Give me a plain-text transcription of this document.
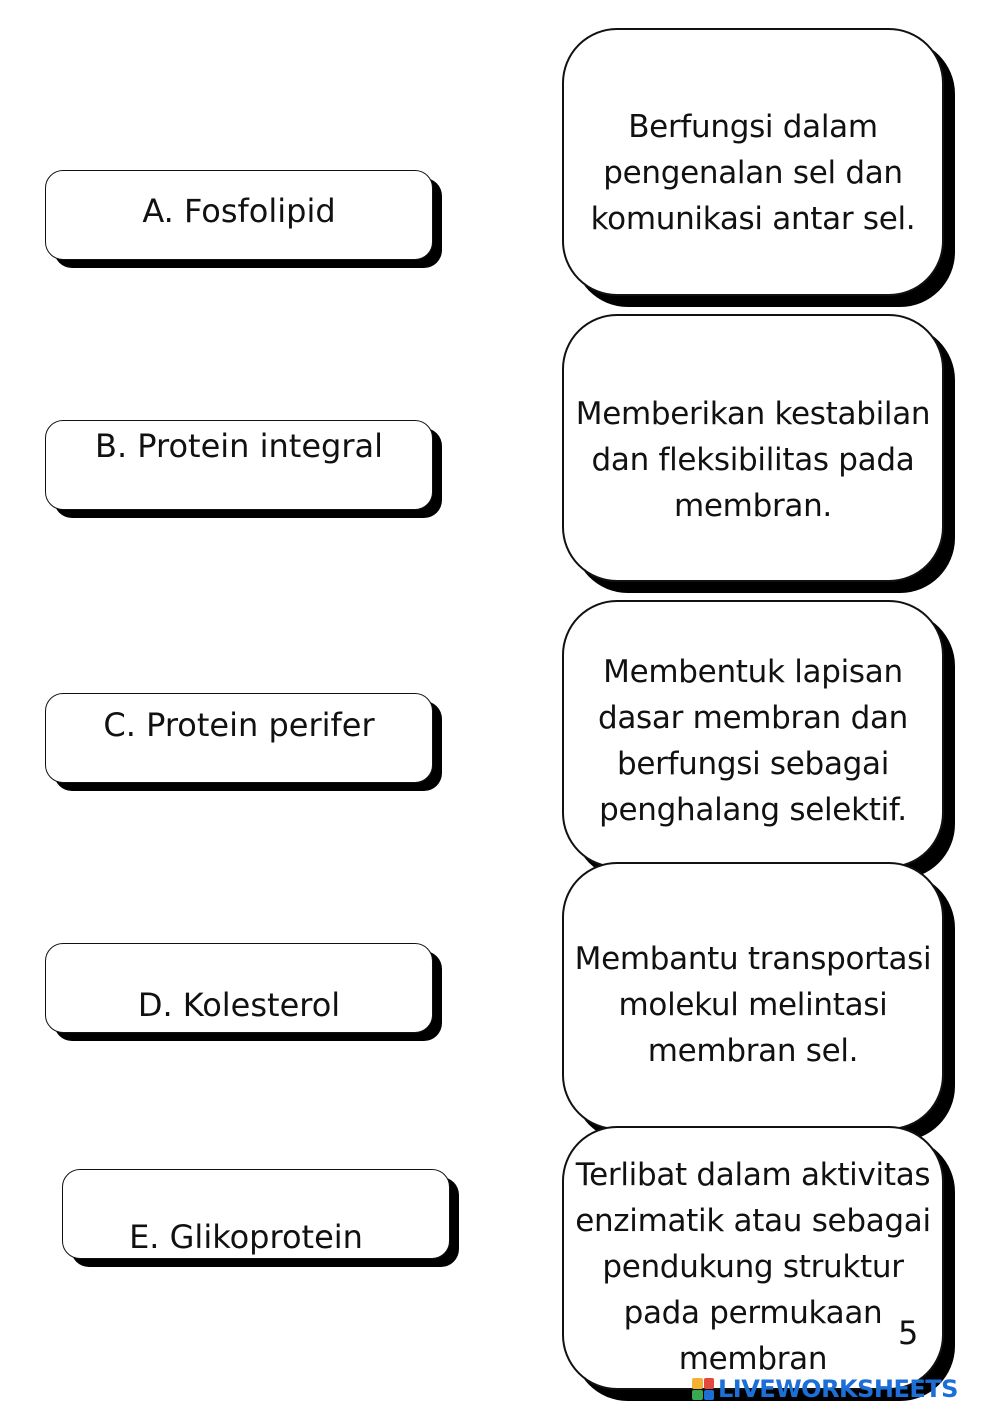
A. Fosfolipid
B. Protein integral
C. Protein perifer
D. Kolesterol
E. Glikoprotein
Berfungsi dalam
pengenalan sel dan
komunikasi antar sel.
Memberikan kestabilan
dan fleksibilitas pada
membran.
Membentuk lapisan
dasar membran dan
berfungsi sebagai
penghalang selektif.
Membantu transportasi
molekul melintasi
membran sel.
Terlibat dalam aktivitas
enzimatik atau sebagai
pendukung struktur
pada permukaan
membran
5
LIVEWORKSHEETS
